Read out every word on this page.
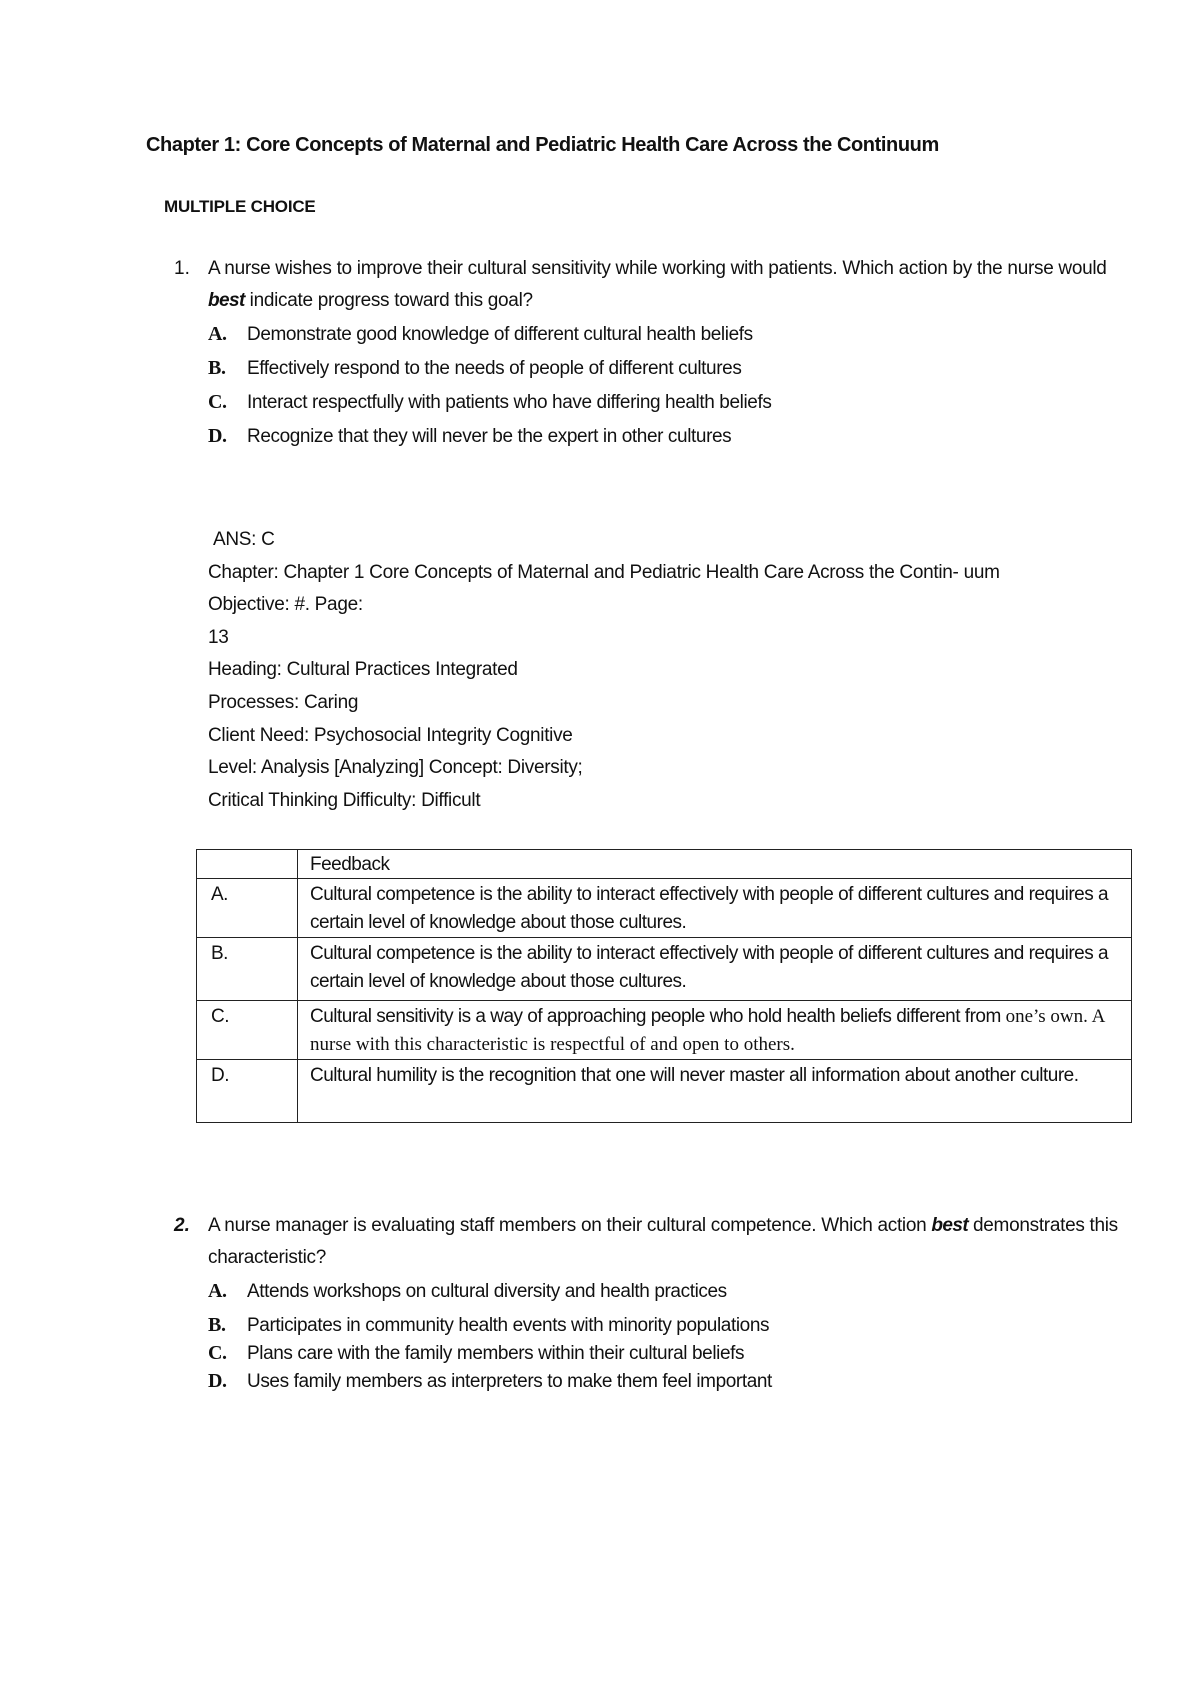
Chapter 1: Core Concepts of Maternal and Pediatric Health Care Across the Continuum
MULTIPLE CHOICE
1. A nurse wishes to improve their cultural sensitivity while working with patients. Which action by the nurse would best indicate progress toward this goal?
A. Demonstrate good knowledge of different cultural health beliefs
B. Effectively respond to the needs of people of different cultures
C. Interact respectfully with patients who have differing health beliefs
D. Recognize that they will never be the expert in other cultures
ANS: C
Chapter: Chapter 1 Core Concepts of Maternal and Pediatric Health Care Across the Contin- uum
Objective: #. Page:
13
Heading: Cultural Practices Integrated
Processes: Caring
Client Need: Psychosocial Integrity Cognitive
Level: Analysis [Analyzing] Concept: Diversity;
Critical Thinking Difficulty: Difficult
	Feedback
A.	Cultural competence is the ability to interact effectively with people of different cultures and requires a certain level of knowledge about those cultures.
B.	Cultural competence is the ability to interact effectively with people of different cultures and requires a certain level of knowledge about those cultures.
C.	Cultural sensitivity is a way of approaching people who hold health beliefs different from one’s own. A nurse with this characteristic is respectful of and open to others.
D.	Cultural humility is the recognition that one will never master all information about another culture.
2. A nurse manager is evaluating staff members on their cultural competence. Which action best demonstrates this characteristic?
A. Attends workshops on cultural diversity and health practices
B. Participates in community health events with minority populations
C. Plans care with the family members within their cultural beliefs
D. Uses family members as interpreters to make them feel important
